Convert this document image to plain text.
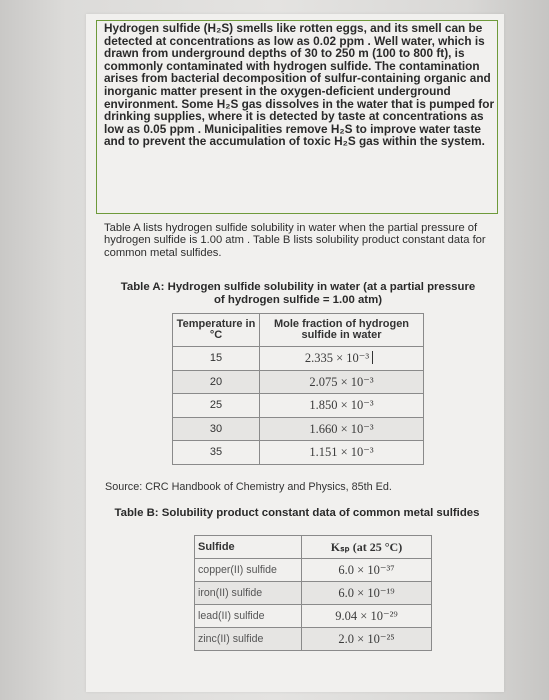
Hydrogen sulfide (H₂S) smells like rotten eggs, and its smell can be detected at concentrations as low as 0.02 ppm . Well water, which is drawn from underground depths of 30 to 250 m (100 to 800 ft), is commonly contaminated with hydrogen sulfide. The contamination arises from bacterial decomposition of sulfur-containing organic and inorganic matter present in the oxygen-deficient underground environment. Some H₂S gas dissolves in the water that is pumped for drinking supplies, where it is detected by taste at concentrations as low as 0.05 ppm . Municipalities remove H₂S to improve water taste and to prevent the accumulation of toxic H₂S gas within the system.

Table A lists hydrogen sulfide solubility in water when the partial pressure of hydrogen sulfide is 1.00 atm . Table B lists solubility product constant data for common metal sulfides.

Table A: Hydrogen sulfide solubility in water (at a partial pressure of hydrogen sulfide = 1.00 atm)

Temperature in °C	Mole fraction of hydrogen sulfide in water
15	2.335 × 10⁻³
20	2.075 × 10⁻³
25	1.850 × 10⁻³
30	1.660 × 10⁻³
35	1.151 × 10⁻³

Source: CRC Handbook of Chemistry and Physics, 85th Ed.

Table B: Solubility product constant data of common metal sulfides

Sulfide	Kₛₚ (at 25 °C)
copper(II) sulfide	6.0 × 10⁻³⁷
iron(II) sulfide	6.0 × 10⁻¹⁹
lead(II) sulfide	9.04 × 10⁻²⁹
zinc(II) sulfide	2.0 × 10⁻²⁵
